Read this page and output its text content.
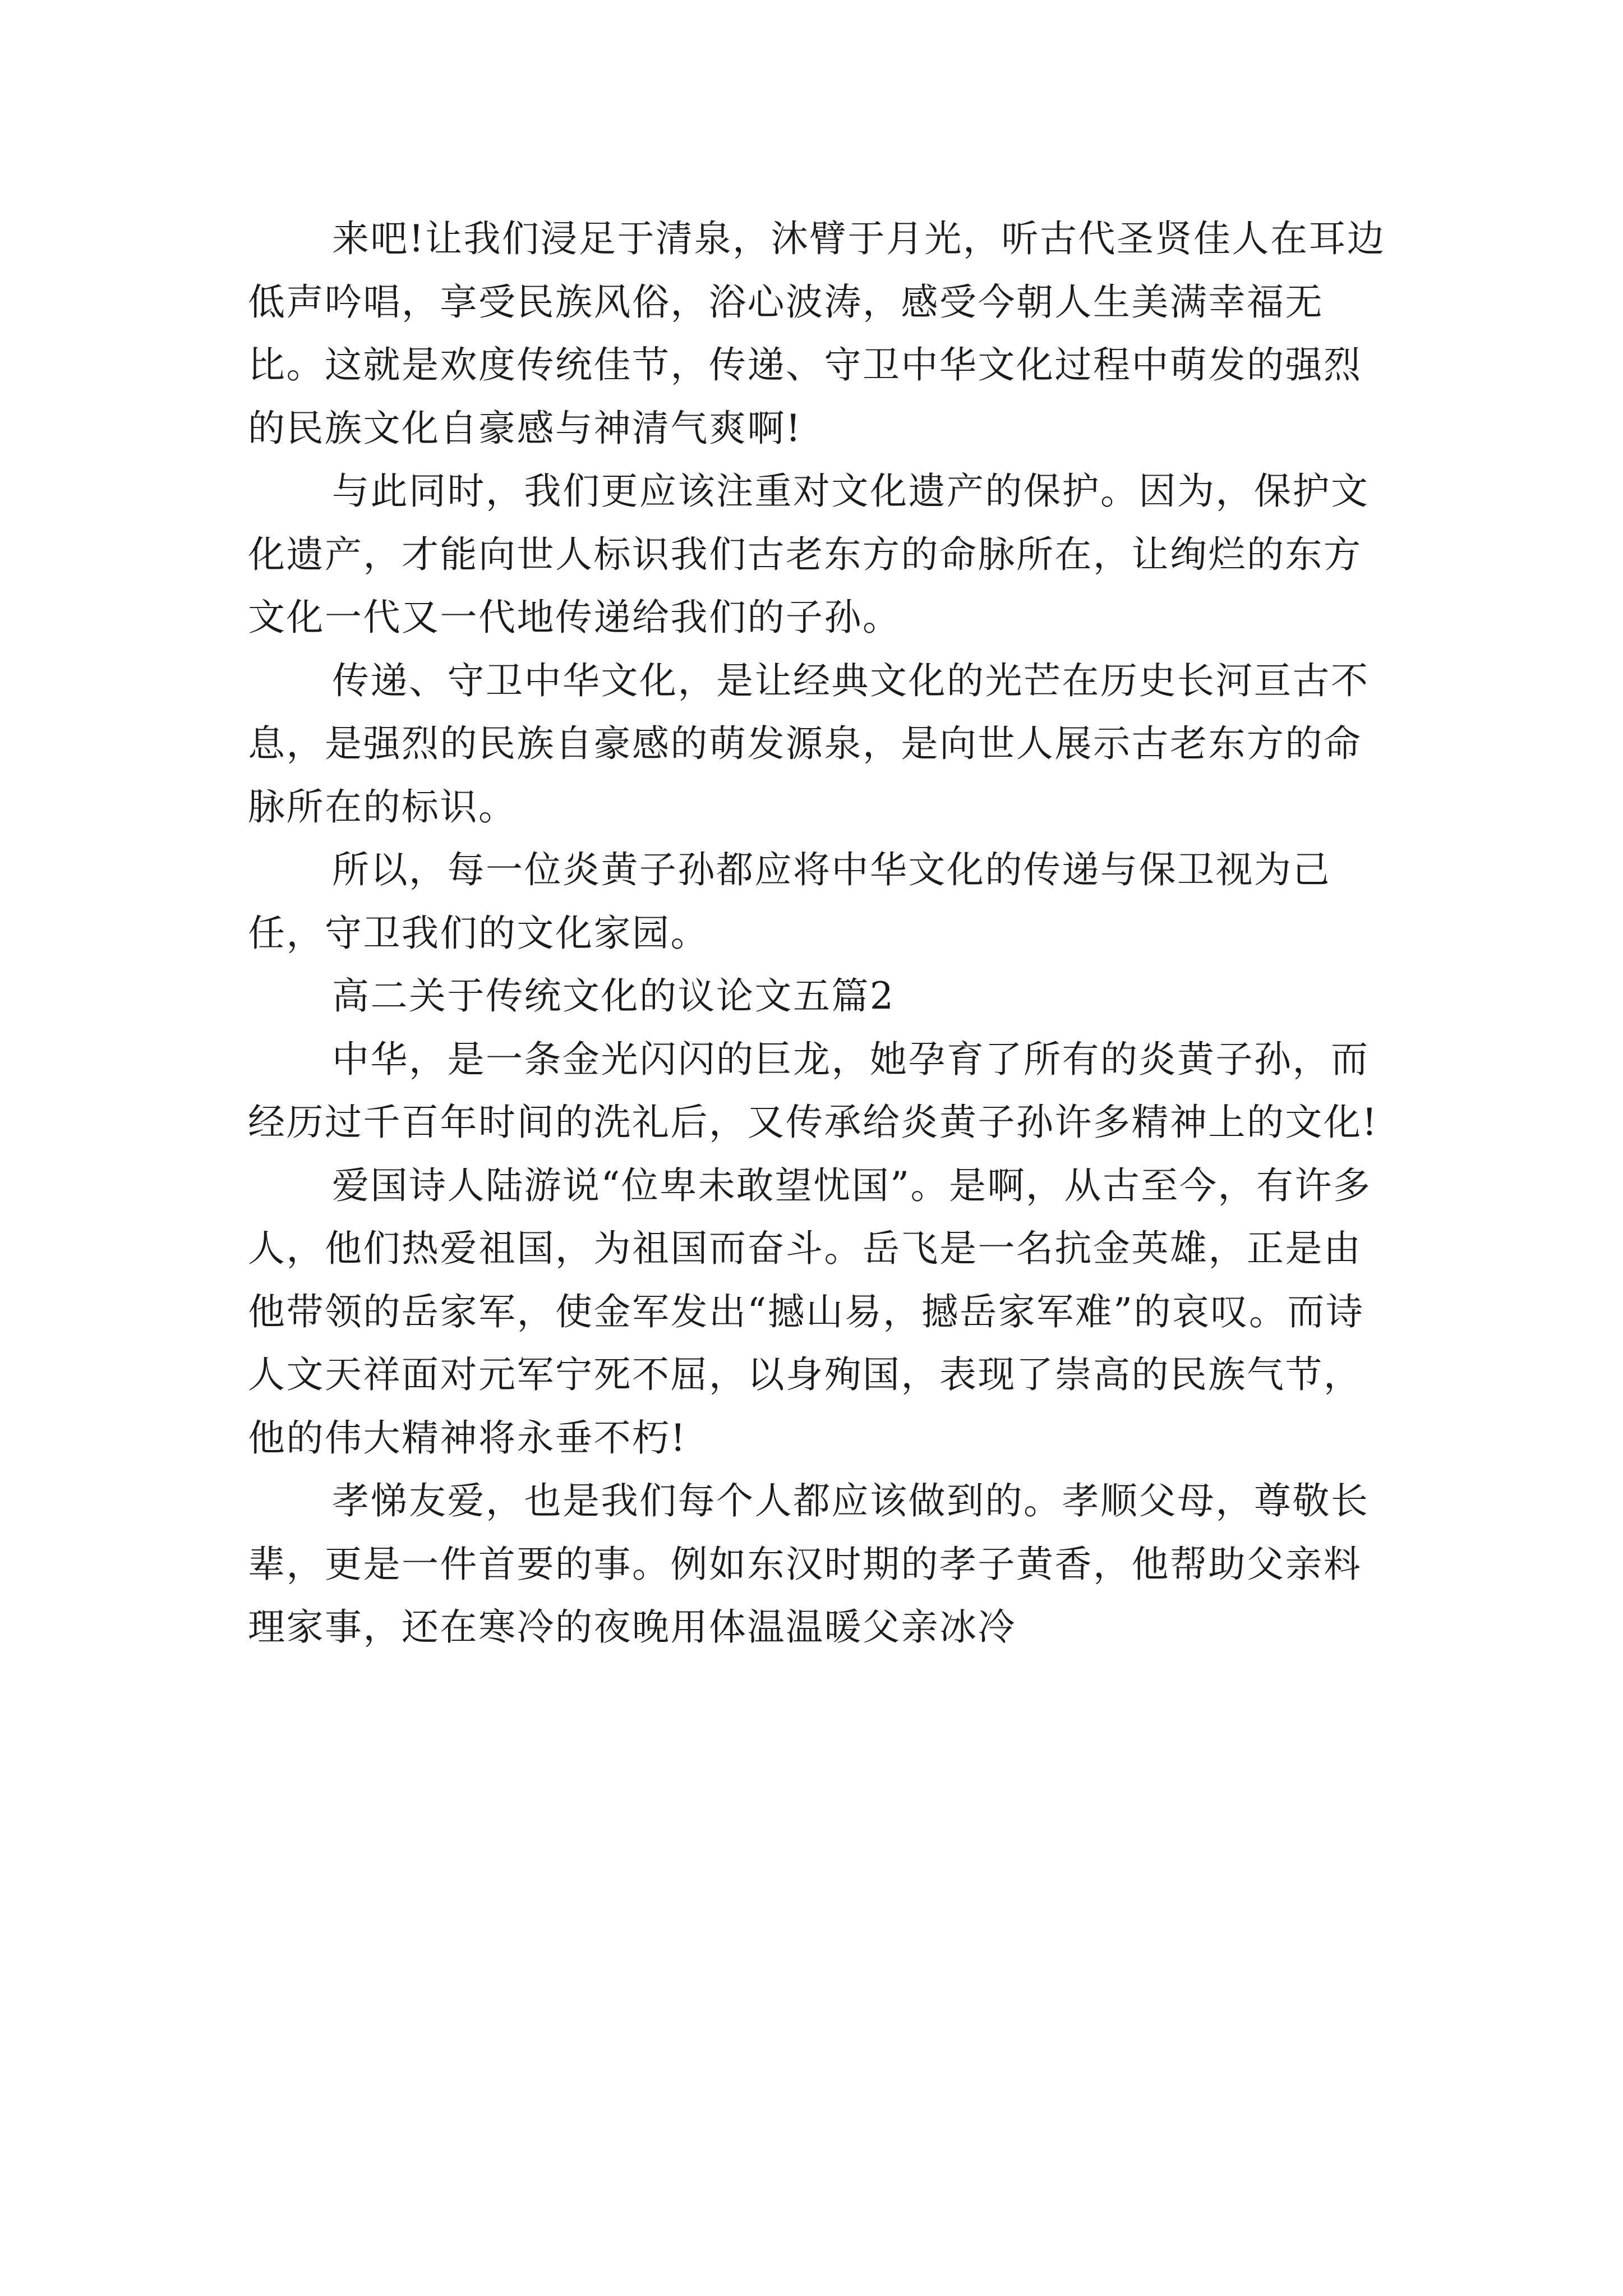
来吧!让我们浸足于清泉，沐臂于月光，听古代圣贤佳人在耳边低声吟唱，享受民族风俗，浴心波涛，感受今朝人生美满幸福无比。这就是欢度传统佳节，传递、守卫中华文化过程中萌发的强烈的民族文化自豪感与神清气爽啊!

与此同时，我们更应该注重对文化遗产的保护。因为，保护文化遗产，才能向世人标识我们古老东方的命脉所在，让绚烂的东方文化一代又一代地传递给我们的子孙。

传递、守卫中华文化，是让经典文化的光芒在历史长河亘古不息，是强烈的民族自豪感的萌发源泉，是向世人展示古老东方的命脉所在的标识。

所以，每一位炎黄子孙都应将中华文化的传递与保卫视为己任，守卫我们的文化家园。

高二关于传统文化的议论文五篇2

中华，是一条金光闪闪的巨龙，她孕育了所有的炎黄子孙，而经历过千百年时间的洗礼后，又传承给炎黄子孙许多精神上的文化!

爱国诗人陆游说“位卑未敢望忧国”。是啊，从古至今，有许多人，他们热爱祖国，为祖国而奋斗。岳飞是一名抗金英雄，正是由他带领的岳家军，使金军发出“撼山易，撼岳家军难”的哀叹。而诗人文天祥面对元军宁死不屈，以身殉国，表现了崇高的民族气节，他的伟大精神将永垂不朽!

孝悌友爱，也是我们每个人都应该做到的。孝顺父母，尊敬长辈，更是一件首要的事。例如东汉时期的孝子黄香，他帮助父亲料理家事，还在寒冷的夜晚用体温温暖父亲冰冷
